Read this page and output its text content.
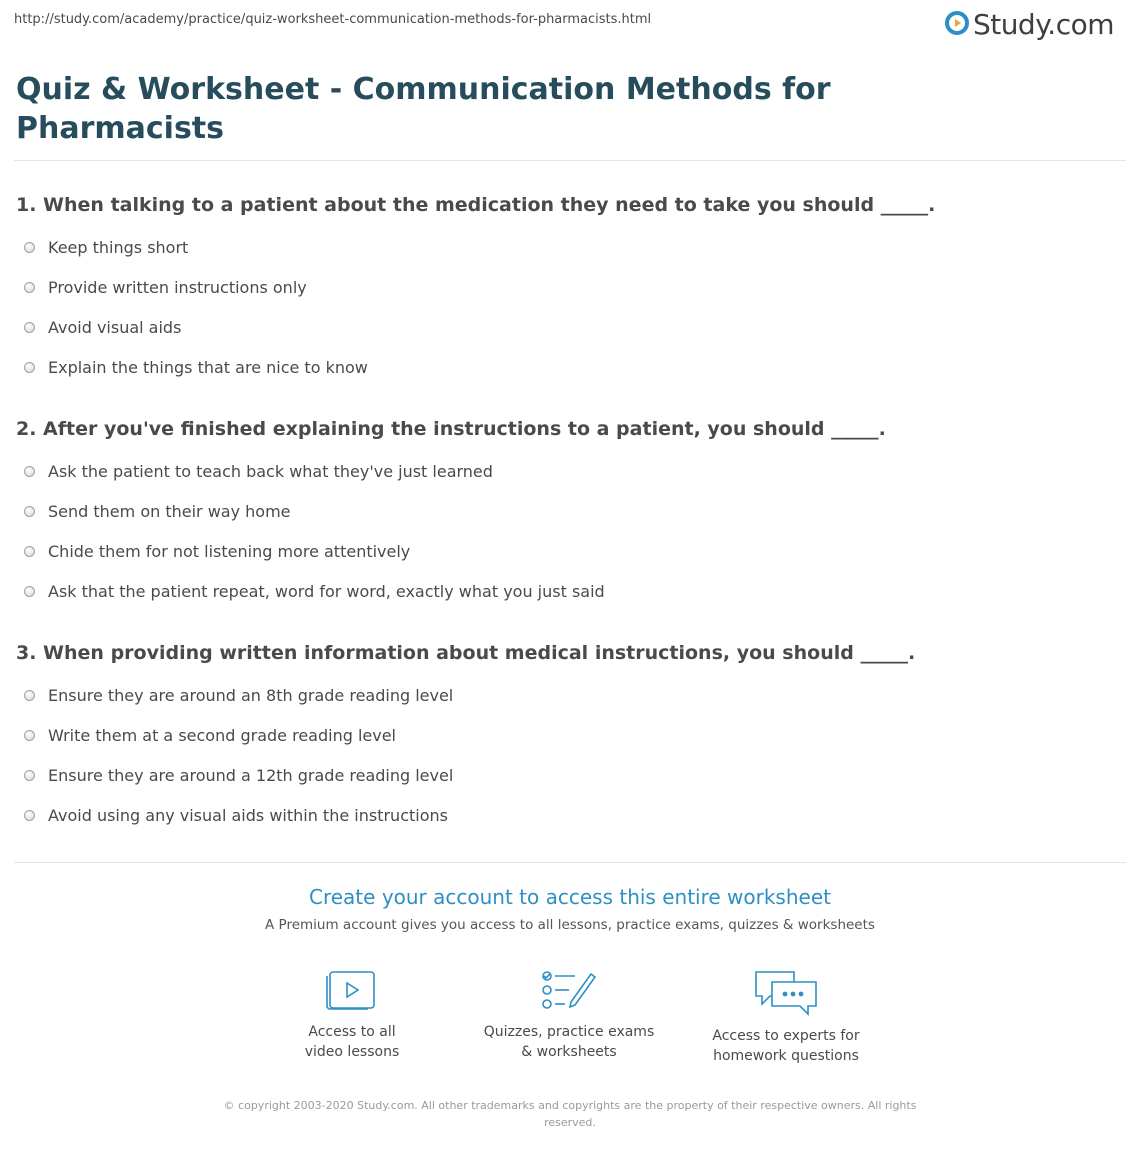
http://study.com/academy/practice/quiz-worksheet-communication-methods-for-pharmacists.html	Study.com
Quiz & Worksheet - Communication Methods for Pharmacists
1. When talking to a patient about the medication they need to take you should _____.
Keep things short
Provide written instructions only
Avoid visual aids
Explain the things that are nice to know
2. After you've finished explaining the instructions to a patient, you should _____.
Ask the patient to teach back what they've just learned
Send them on their way home
Chide them for not listening more attentively
Ask that the patient repeat, word for word, exactly what you just said
3. When providing written information about medical instructions, you should _____.
Ensure they are around an 8th grade reading level
Write them at a second grade reading level
Ensure they are around a 12th grade reading level
Avoid using any visual aids within the instructions
Create your account to access this entire worksheet
A Premium account gives you access to all lessons, practice exams, quizzes & worksheets
Access to all
video lessons
Quizzes, practice exams
& worksheets
Access to experts for
homework questions
© copyright 2003-2020 Study.com. All other trademarks and copyrights are the property of their respective owners. All rights reserved.
